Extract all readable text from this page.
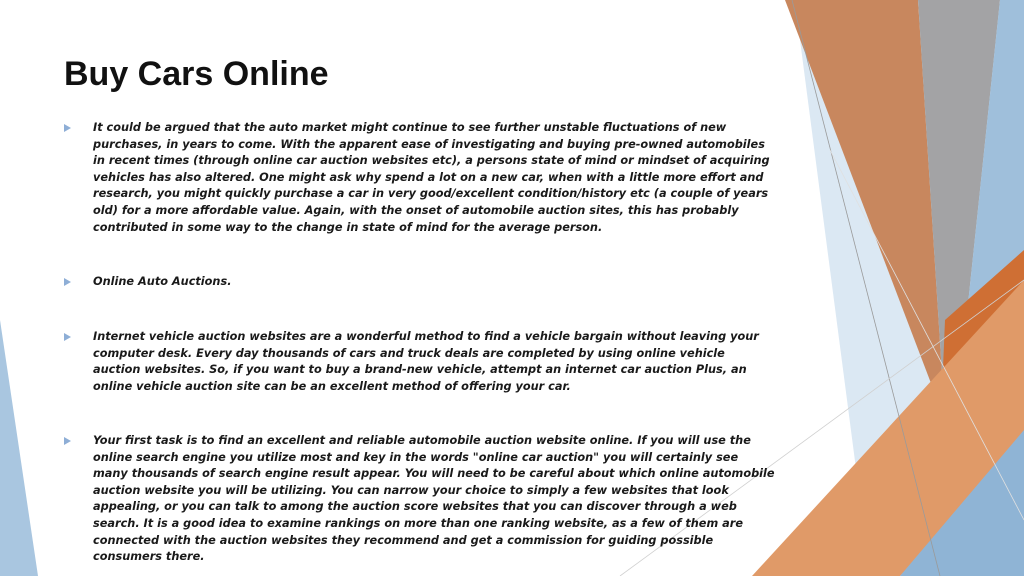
Buy Cars Online
It could be argued that the auto market might continue to see further unstable fluctuations of new purchases, in years to come. With the apparent ease of investigating and buying pre-owned automobiles in recent times (through online car auction websites etc), a persons state of mind or mindset of acquiring vehicles has also altered. One might ask why spend a lot on a new car, when with a little more effort and research, you might quickly purchase a car in very good/excellent condition/history etc (a couple of years old) for a more affordable value. Again, with the onset of automobile auction sites, this has probably contributed in some way to the change in state of mind for the average person.
Online Auto Auctions.
Internet vehicle auction websites are a wonderful method to find a vehicle bargain without leaving your computer desk. Every day thousands of cars and truck deals are completed by using online vehicle auction websites. So, if you want to buy a brand-new vehicle, attempt an internet car auction Plus, an online vehicle auction site can be an excellent method of offering your car.
Your first task is to find an excellent and reliable automobile auction website online. If you will use the online search engine you utilize most and key in the words "online car auction" you will certainly see many thousands of search engine result appear. You will need to be careful about which online automobile auction website you will be utilizing. You can narrow your choice to simply a few websites that look appealing, or you can talk to among the auction score websites that you can discover through a web search. It is a good idea to examine rankings on more than one ranking website, as a few of them are connected with the auction websites they recommend and get a commission for guiding possible consumers there.
